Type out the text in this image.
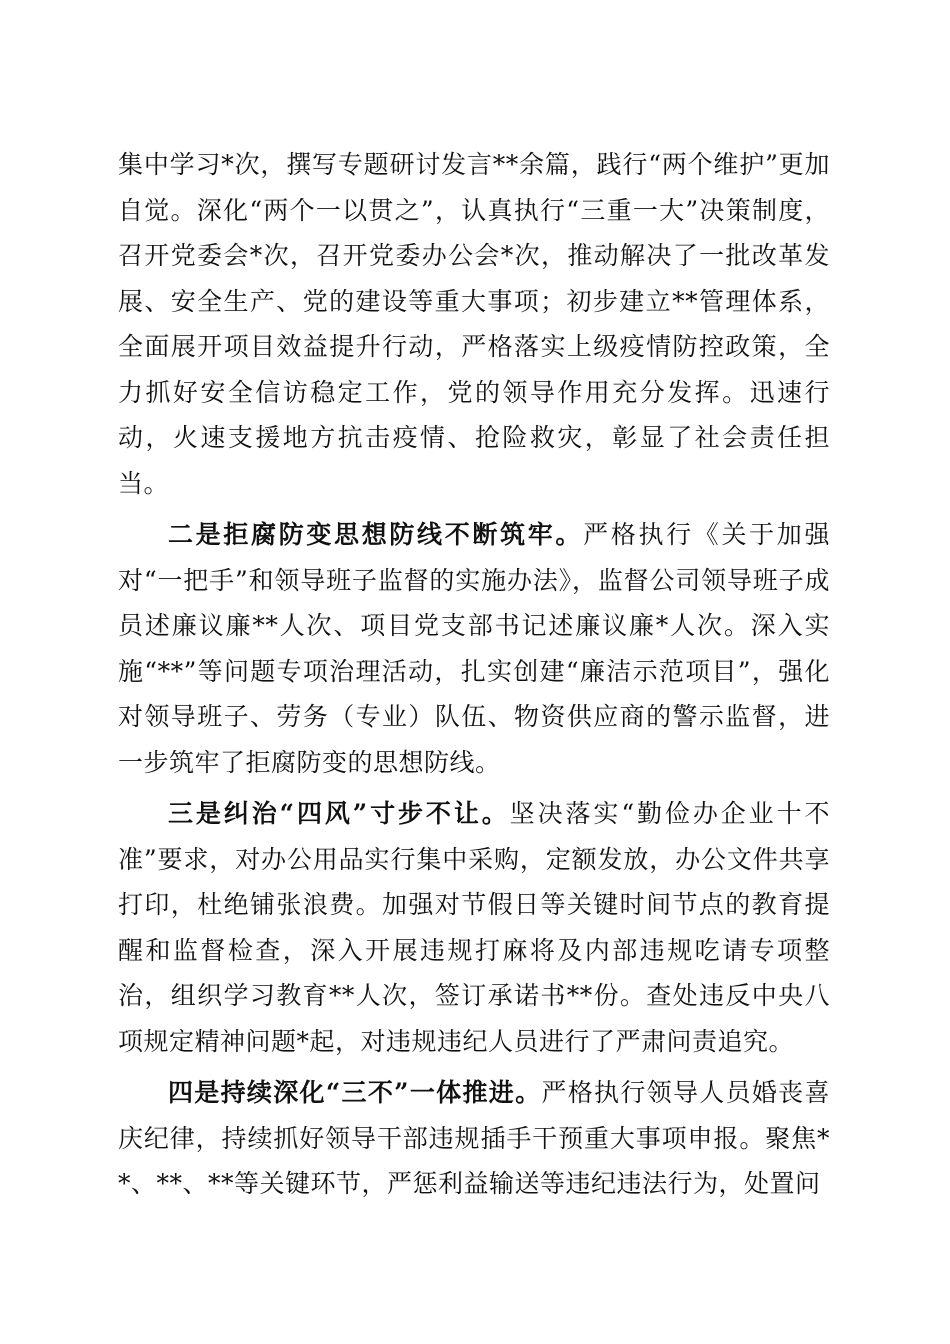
集中学习*次，撰写专题研讨发言**余篇，践行“两个维护”更加自觉。深化“两个一以贯之”，认真执行“三重一大”决策制度，召开党委会*次，召开党委办公会*次，推动解决了一批改革发展、安全生产、党的建设等重大事项；初步建立**管理体系，全面展开项目效益提升行动，严格落实上级疫情防控政策，全力抓好安全信访稳定工作，党的领导作用充分发挥。迅速行动，火速支援地方抗击疫情、抢险救灾，彰显了社会责任担当。

二是拒腐防变思想防线不断筑牢。严格执行《关于加强对“一把手”和领导班子监督的实施办法》，监督公司领导班子成员述廉议廉**人次、项目党支部书记述廉议廉*人次。深入实施“**”等问题专项治理活动，扎实创建“廉洁示范项目”，强化对领导班子、劳务（专业）队伍、物资供应商的警示监督，进一步筑牢了拒腐防变的思想防线。

三是纠治“四风”寸步不让。坚决落实“勤俭办企业十不准”要求，对办公用品实行集中采购，定额发放，办公文件共享打印，杜绝铺张浪费。加强对节假日等关键时间节点的教育提醒和监督检查，深入开展违规打麻将及内部违规吃请专项整治，组织学习教育**人次，签订承诺书**份。查处违反中央八项规定精神问题*起，对违规违纪人员进行了严肃问责追究。

四是持续深化“三不”一体推进。严格执行领导人员婚丧喜庆纪律，持续抓好领导干部违规插手干预重大事项申报。聚焦**、**、**等关键环节，严惩利益输送等违纪违法行为，处置问
